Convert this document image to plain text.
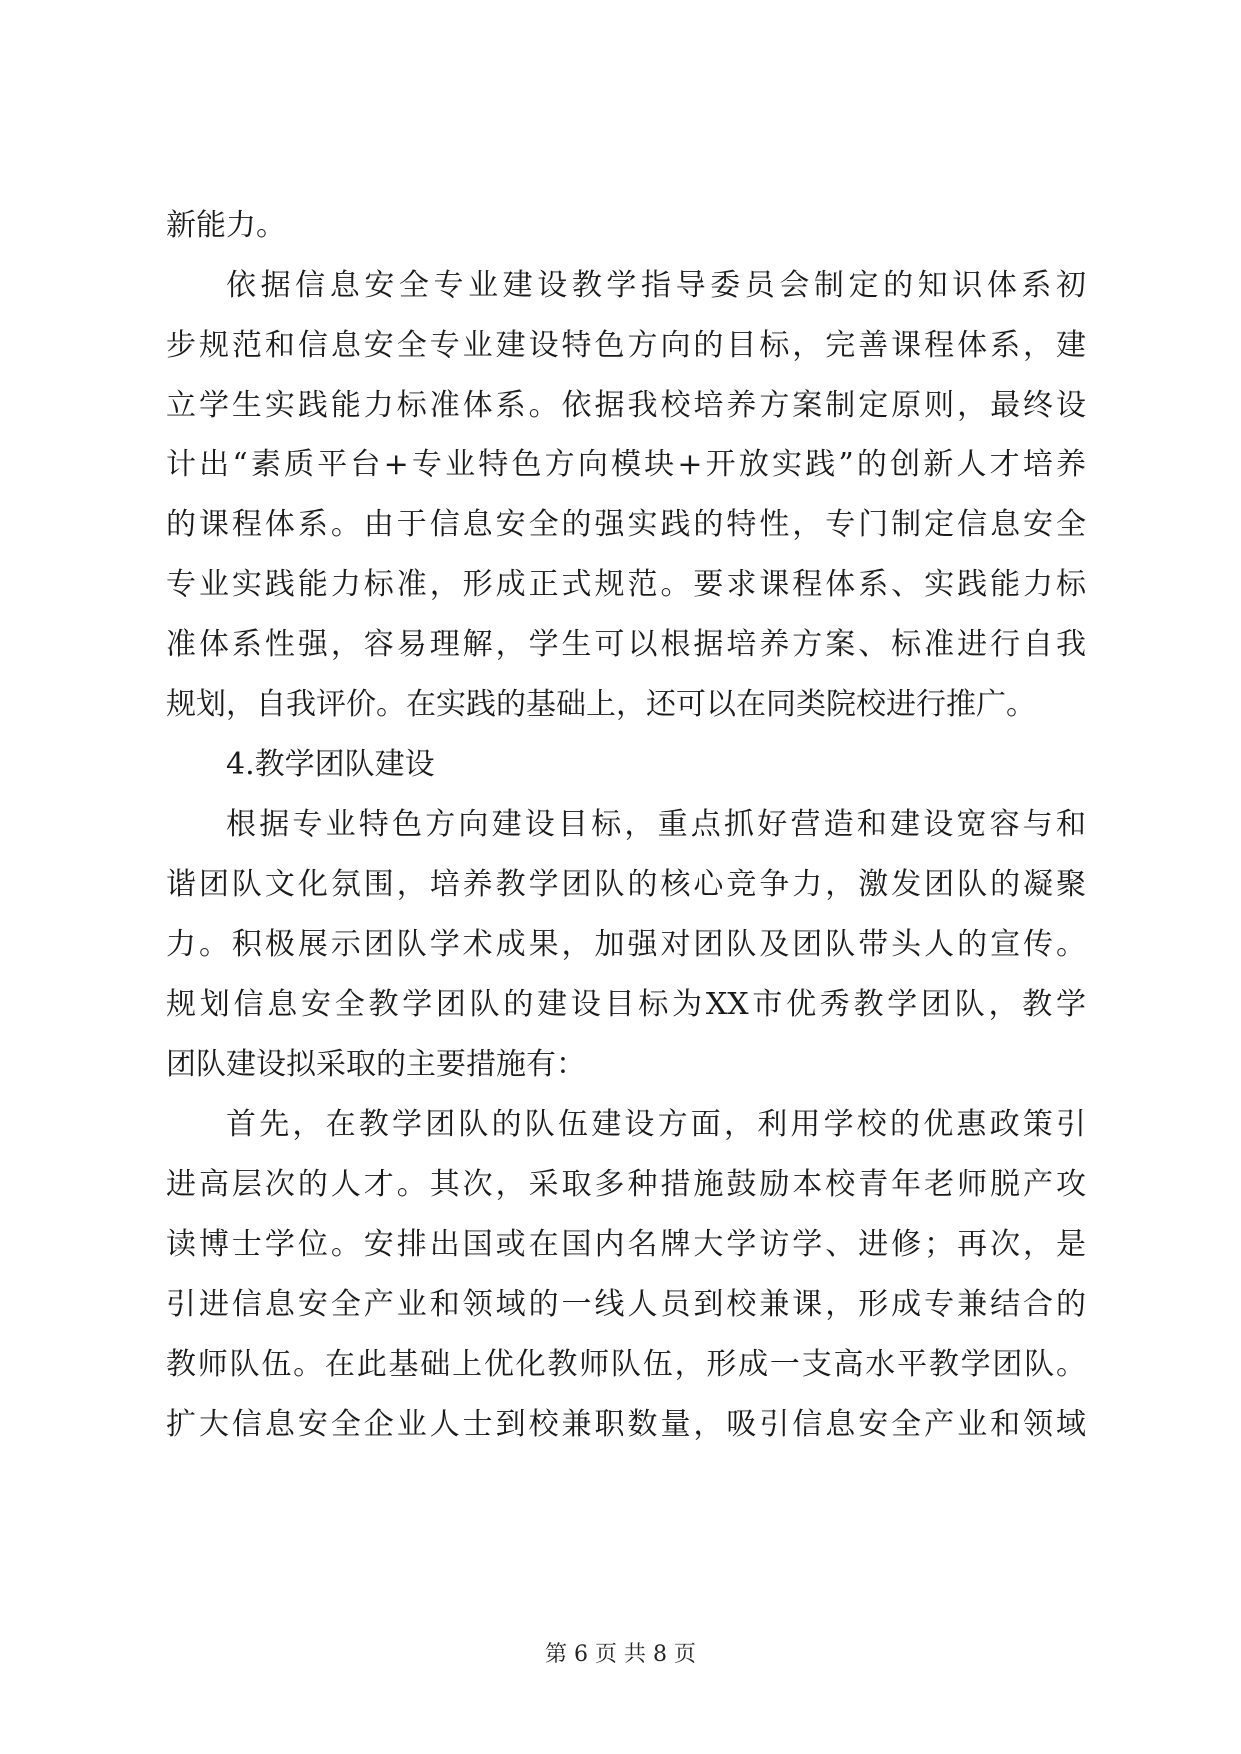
新能力。
依据信息安全专业建设教学指导委员会制定的知识体系初
步规范和信息安全专业建设特色方向的目标，完善课程体系，建
立学生实践能力标准体系。依据我校培养方案制定原则，最终设
计出“素质平台+专业特色方向模块+开放实践”的创新人才培养
的课程体系。由于信息安全的强实践的特性，专门制定信息安全
专业实践能力标准，形成正式规范。要求课程体系、实践能力标
准体系性强，容易理解，学生可以根据培养方案、标准进行自我
规划，自我评价。在实践的基础上，还可以在同类院校进行推广。
4.教学团队建设
根据专业特色方向建设目标，重点抓好营造和建设宽容与和
谐团队文化氛围，培养教学团队的核心竞争力，激发团队的凝聚
力。积极展示团队学术成果，加强对团队及团队带头人的宣传。
规划信息安全教学团队的建设目标为XX市优秀教学团队，教学
团队建设拟采取的主要措施有：
首先，在教学团队的队伍建设方面，利用学校的优惠政策引
进高层次的人才。其次，采取多种措施鼓励本校青年老师脱产攻
读博士学位。安排出国或在国内名牌大学访学、进修；再次，是
引进信息安全产业和领域的一线人员到校兼课，形成专兼结合的
教师队伍。在此基础上优化教师队伍，形成一支高水平教学团队。
扩大信息安全企业人士到校兼职数量，吸引信息安全产业和领域
第 6 页 共 8 页
